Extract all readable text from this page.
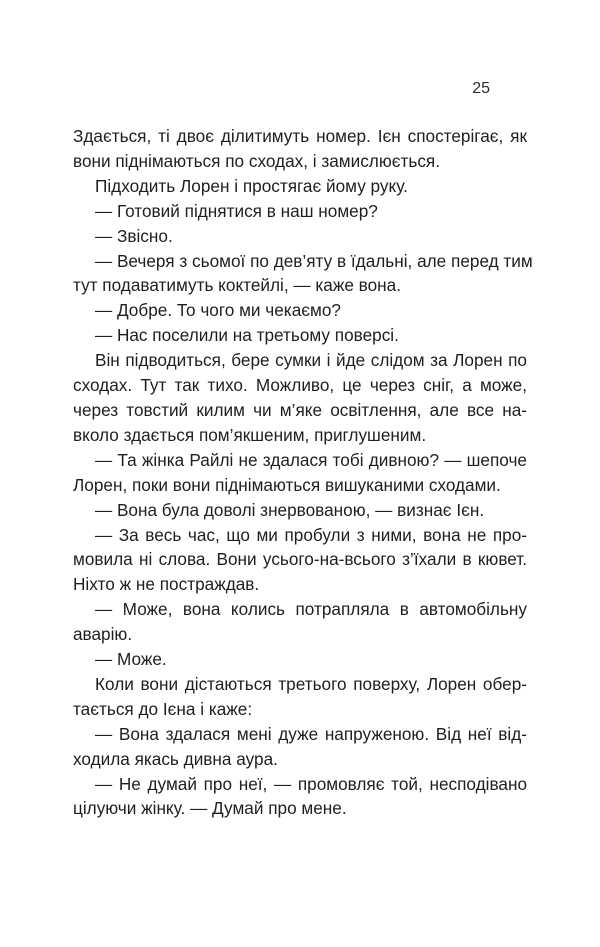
25

Здається, ті двоє ділитимуть номер. Ієн спостерігає, як
вони піднімаються по сходах, і замислюється.

Підходить Лорен і простягає йому руку.

— Готовий піднятися в наш номер?

— Звісно.

— Вечеря з сьомої по дев’яту в їдальні, але перед тим
тут подаватимуть коктейлі, — каже вона.

— Добре. То чого ми чекаємо?

— Нас поселили на третьому поверсі.

Він підводиться, бере сумки і йде слідом за Лорен по
сходах. Тут так тихо. Можливо, це через сніг, а може,
через товстий килим чи м’яке освітлення, але все на-
вколо здається пом’якшеним, приглушеним.

— Та жінка Райлі не здалася тобі дивною? — шепоче
Лорен, поки вони піднімаються вишуканими сходами.

— Вона була доволі знервованою, — визнає Ієн.

— За весь час, що ми пробули з ними, вона не про-
мовила ні слова. Вони усього-на-всього з’їхали в кювет.
Ніхто ж не постраждав.

— Може, вона колись потрапляла в автомобільну
аварію.

— Може.

Коли вони дістаються третього поверху, Лорен обер-
тається до Ієна і каже:

— Вона здалася мені дуже напруженою. Від неї від-
ходила якась дивна аура.

— Не думай про неї, — промовляє той, несподівано
цілуючи жінку. — Думай про мене.
